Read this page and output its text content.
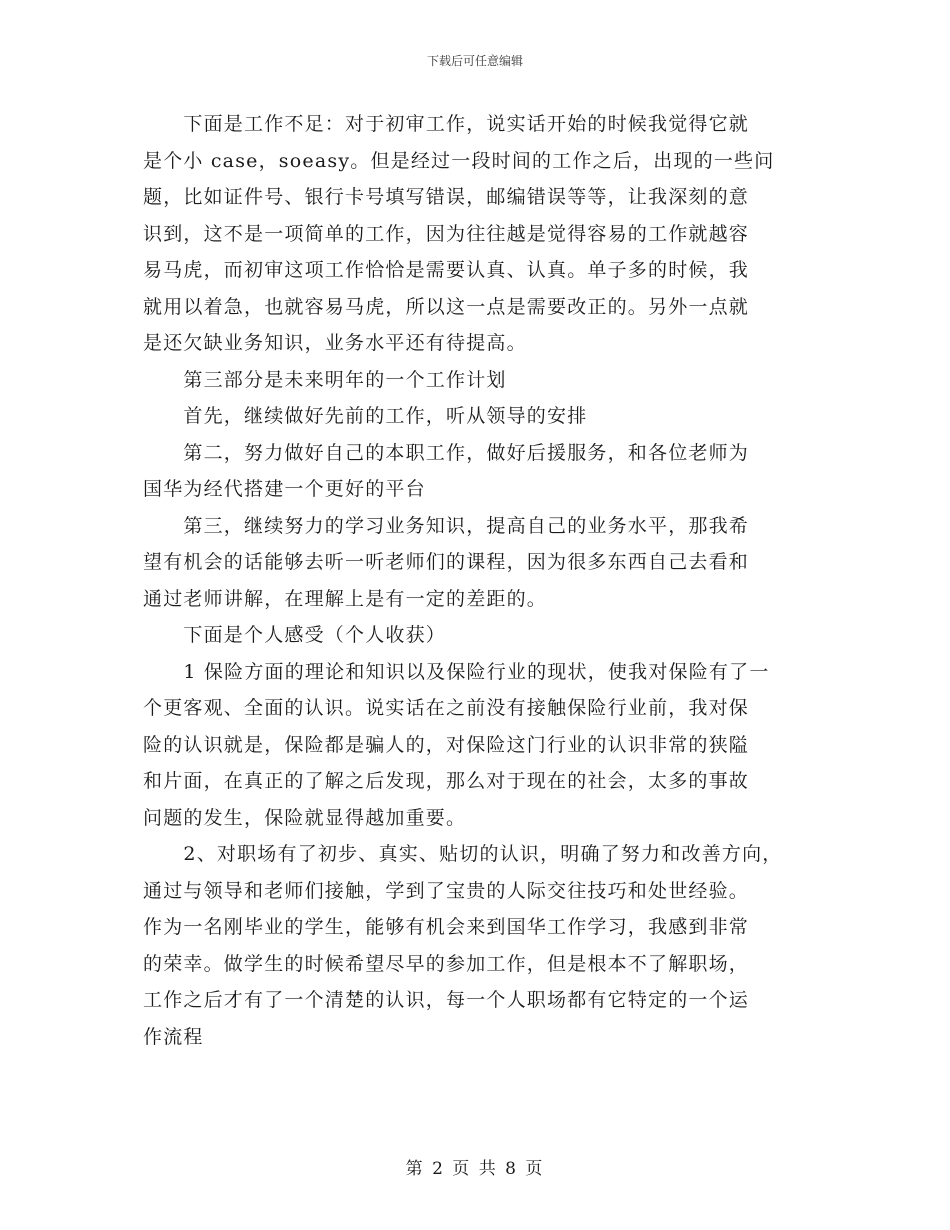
下载后可任意编辑

　　下面是工作不足：对于初审工作，说实话开始的时候我觉得它就
是个小 case，soeasy。但是经过一段时间的工作之后，出现的一些问
题，比如证件号、银行卡号填写错误，邮编错误等等，让我深刻的意
识到，这不是一项简单的工作，因为往往越是觉得容易的工作就越容
易马虎，而初审这项工作恰恰是需要认真、认真。单子多的时候，我
就用以着急，也就容易马虎，所以这一点是需要改正的。另外一点就
是还欠缺业务知识，业务水平还有待提高。

　　第三部分是未来明年的一个工作计划

　　首先，继续做好先前的工作，听从领导的安排

　　第二，努力做好自己的本职工作，做好后援服务，和各位老师为
国华为经代搭建一个更好的平台

　　第三，继续努力的学习业务知识，提高自己的业务水平，那我希
望有机会的话能够去听一听老师们的课程，因为很多东西自己去看和
通过老师讲解，在理解上是有一定的差距的。

　　下面是个人感受（个人收获）

　　1 保险方面的理论和知识以及保险行业的现状，使我对保险有了一
个更客观、全面的认识。说实话在之前没有接触保险行业前，我对保
险的认识就是，保险都是骗人的，对保险这门行业的认识非常的狭隘
和片面，在真正的了解之后发现，那么对于现在的社会，太多的事故
问题的发生，保险就显得越加重要。

　　2、对职场有了初步、真实、贴切的认识，明确了努力和改善方向，
通过与领导和老师们接触，学到了宝贵的人际交往技巧和处世经验。
作为一名刚毕业的学生，能够有机会来到国华工作学习，我感到非常
的荣幸。做学生的时候希望尽早的参加工作，但是根本不了解职场，
工作之后才有了一个清楚的认识，每一个人职场都有它特定的一个运
作流程

第 2 页 共 8 页
